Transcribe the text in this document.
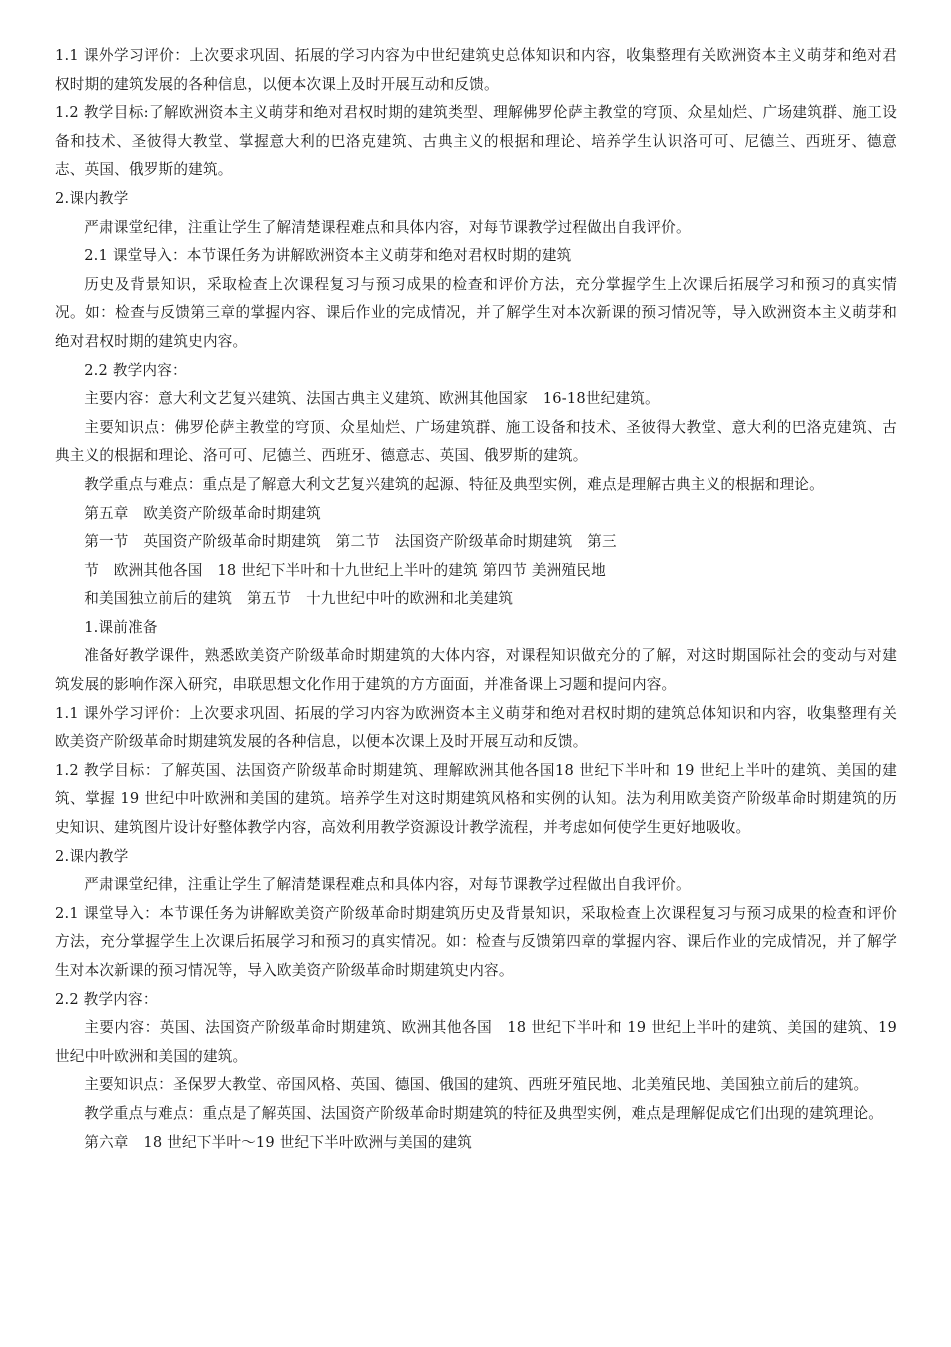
1.1 课外学习评价：上次要求巩固、拓展的学习内容为中世纪建筑史总体知识和内容，收集整理有关欧洲资本主义萌芽和绝对君权时期的建筑发展的各种信息，以便本次课上及时开展互动和反馈。

1.2 教学目标:了解欧洲资本主义萌芽和绝对君权时期的建筑类型、理解佛罗伦萨主教堂的穹顶、众星灿烂、广场建筑群、施工设备和技术、圣彼得大教堂、掌握意大利的巴洛克建筑、古典主义的根据和理论、培养学生认识洛可可、尼德兰、西班牙、德意志、英国、俄罗斯的建筑。

2.课内教学

严肃课堂纪律，注重让学生了解清楚课程难点和具体内容，对每节课教学过程做出自我评价。

2.1 课堂导入：本节课任务为讲解欧洲资本主义萌芽和绝对君权时期的建筑

历史及背景知识，采取检查上次课程复习与预习成果的检查和评价方法，充分掌握学生上次课后拓展学习和预习的真实情况。如：检查与反馈第三章的掌握内容、课后作业的完成情况，并了解学生对本次新课的预习情况等，导入欧洲资本主义萌芽和绝对君权时期的建筑史内容。

2.2 教学内容：

主要内容：意大利文艺复兴建筑、法国古典主义建筑、欧洲其他国家　16-18世纪建筑。

主要知识点：佛罗伦萨主教堂的穹顶、众星灿烂、广场建筑群、施工设备和技术、圣彼得大教堂、意大利的巴洛克建筑、古典主义的根据和理论、洛可可、尼德兰、西班牙、德意志、英国、俄罗斯的建筑。

教学重点与难点：重点是了解意大利文艺复兴建筑的起源、特征及典型实例，难点是理解古典主义的根据和理论。

第五章　欧美资产阶级革命时期建筑

第一节　英国资产阶级革命时期建筑　第二节　法国资产阶级革命时期建筑　第三

节　欧洲其他各国　18 世纪下半叶和十九世纪上半叶的建筑 第四节 美洲殖民地

和美国独立前后的建筑　第五节　十九世纪中叶的欧洲和北美建筑

1.课前准备

准备好教学课件，熟悉欧美资产阶级革命时期建筑的大体内容，对课程知识做充分的了解，对这时期国际社会的变动与对建筑发展的影响作深入研究，串联思想文化作用于建筑的方方面面，并准备课上习题和提问内容。

1.1 课外学习评价：上次要求巩固、拓展的学习内容为欧洲资本主义萌芽和绝对君权时期的建筑总体知识和内容，收集整理有关欧美资产阶级革命时期建筑发展的各种信息，以便本次课上及时开展互动和反馈。

1.2 教学目标：了解英国、法国资产阶级革命时期建筑、理解欧洲其他各国18 世纪下半叶和 19 世纪上半叶的建筑、美国的建筑、掌握 19 世纪中叶欧洲和美国的建筑。培养学生对这时期建筑风格和实例的认知。法为利用欧美资产阶级革命时期建筑的历史知识、建筑图片设计好整体教学内容，高效利用教学资源设计教学流程，并考虑如何使学生更好地吸收。

2.课内教学

严肃课堂纪律，注重让学生了解清楚课程难点和具体内容，对每节课教学过程做出自我评价。

2.1 课堂导入：本节课任务为讲解欧美资产阶级革命时期建筑历史及背景知识，采取检查上次课程复习与预习成果的检查和评价方法，充分掌握学生上次课后拓展学习和预习的真实情况。如：检查与反馈第四章的掌握内容、课后作业的完成情况，并了解学生对本次新课的预习情况等，导入欧美资产阶级革命时期建筑史内容。

2.2 教学内容：

主要内容：英国、法国资产阶级革命时期建筑、欧洲其他各国　18 世纪下半叶和 19 世纪上半叶的建筑、美国的建筑、19 世纪中叶欧洲和美国的建筑。

主要知识点：圣保罗大教堂、帝国风格、英国、德国、俄国的建筑、西班牙殖民地、北美殖民地、美国独立前后的建筑。

教学重点与难点：重点是了解英国、法国资产阶级革命时期建筑的特征及典型实例，难点是理解促成它们出现的建筑理论。

第六章　18 世纪下半叶～19 世纪下半叶欧洲与美国的建筑
